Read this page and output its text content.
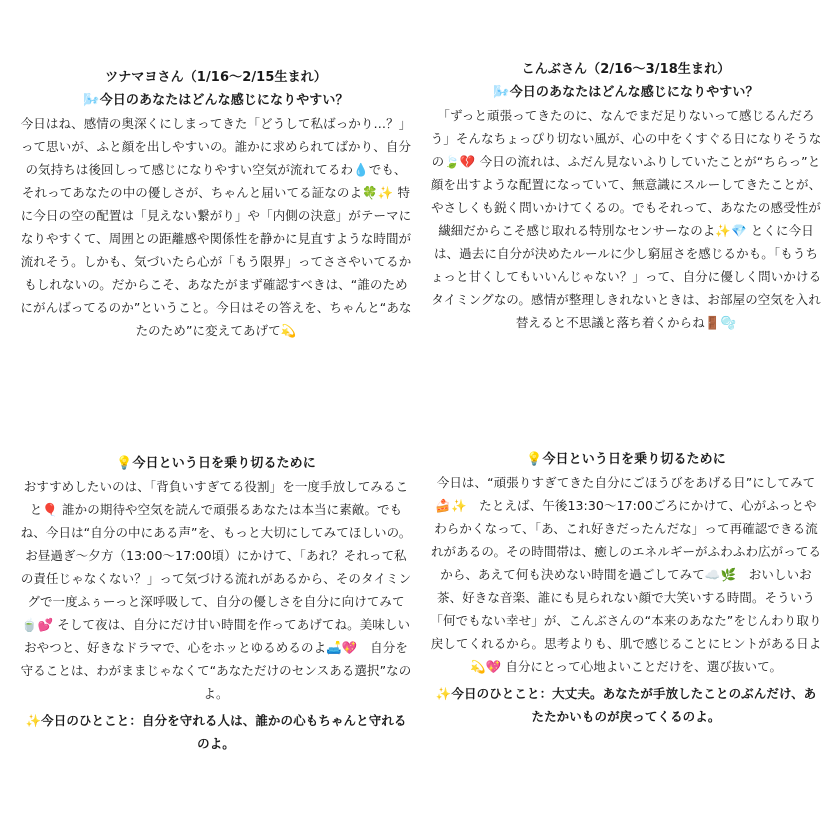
ツナマヨさん（1/16〜2/15生まれ）
🌬️今日のあなたはどんな感じになりやすい？
今日はね、感情の奥深くにしまってきた「どうして私ばっかり…？」って思いが、ふと顔を出しやすいの。誰かに求められてばかり、自分の気持ちは後回しって感じになりやすい空気が流れてるわ💧でも、それってあなたの中の優しさが、ちゃんと届いてる証なのよ🍀✨ 特に今日の空の配置は「見えない繋がり」や「内側の決意」がテーマになりやすくて、周囲との距離感や関係性を静かに見直すような時間が流れそう。しかも、気づいたら心が「もう限界」ってささやいてるかもしれないの。だからこそ、あなたがまず確認すべきは、“誰のためにがんばってるのか”ということ。今日はその答えを、ちゃんと“あなたのため”に変えてあげて💫
💡今日という日を乗り切るために
おすすめしたいのは、「背負いすぎてる役割」を一度手放してみること🎈 誰かの期待や空気を読んで頑張るあなたは本当に素敵。でもね、今日は“自分の中にある声”を、もっと大切にしてみてほしいの。お昼過ぎ〜夕方（13:00〜17:00頃）にかけて、「あれ？それって私の責任じゃなくない？」って気づける流れがあるから、そのタイミングで一度ふぅーっと深呼吸して、自分の優しさを自分に向けてみて🍵💕 そして夜は、自分にだけ甘い時間を作ってあげてね。美味しいおやつと、好きなドラマで、心をホッとゆるめるのよ🛋️💖　自分を守ることは、わがままじゃなくて“あなただけのセンスある選択”なのよ。
✨今日のひとこと：自分を守れる人は、誰かの心もちゃんと守れるのよ。
こんぶさん（2/16〜3/18生まれ）
🌬️今日のあなたはどんな感じになりやすい？
「ずっと頑張ってきたのに、なんでまだ足りないって感じるんだろう」そんなちょっぴり切ない風が、心の中をくすぐる日になりそうなの🍃💔 今日の流れは、ふだん見ないふりしていたことが“ちらっ”と顔を出すような配置になっていて、無意識にスルーしてきたことが、やさしくも鋭く問いかけてくるの。でもそれって、あなたの感受性が繊細だからこそ感じ取れる特別なセンサーなのよ✨💎 とくに今日は、過去に自分が決めたルールに少し窮屈さを感じるかも。「もうちょっと甘くしてもいいんじゃない？」って、自分に優しく問いかけるタイミングなの。感情が整理しきれないときは、お部屋の空気を入れ替えると不思議と落ち着くからね🚪🫧
💡今日という日を乗り切るために
今日は、“頑張りすぎてきた自分にごほうびをあげる日”にしてみて🍰✨　たとえば、午後13:30〜17:00ごろにかけて、心がふっとやわらかくなって、「あ、これ好きだったんだな」って再確認できる流れがあるの。その時間帯は、癒しのエネルギーがふわふわ広がってるから、あえて何も決めない時間を過ごしてみて☁️🌿　おいしいお茶、好きな音楽、誰にも見られない顔で大笑いする時間。そういう「何でもない幸せ」が、こんぶさんの“本来のあなた”をじんわり取り戻してくれるから。思考よりも、肌で感じることにヒントがある日よ💫💖 自分にとって心地よいことだけを、選び抜いて。
✨今日のひとこと：大丈夫。あなたが手放したことのぶんだけ、あたたかいものが戻ってくるのよ。
